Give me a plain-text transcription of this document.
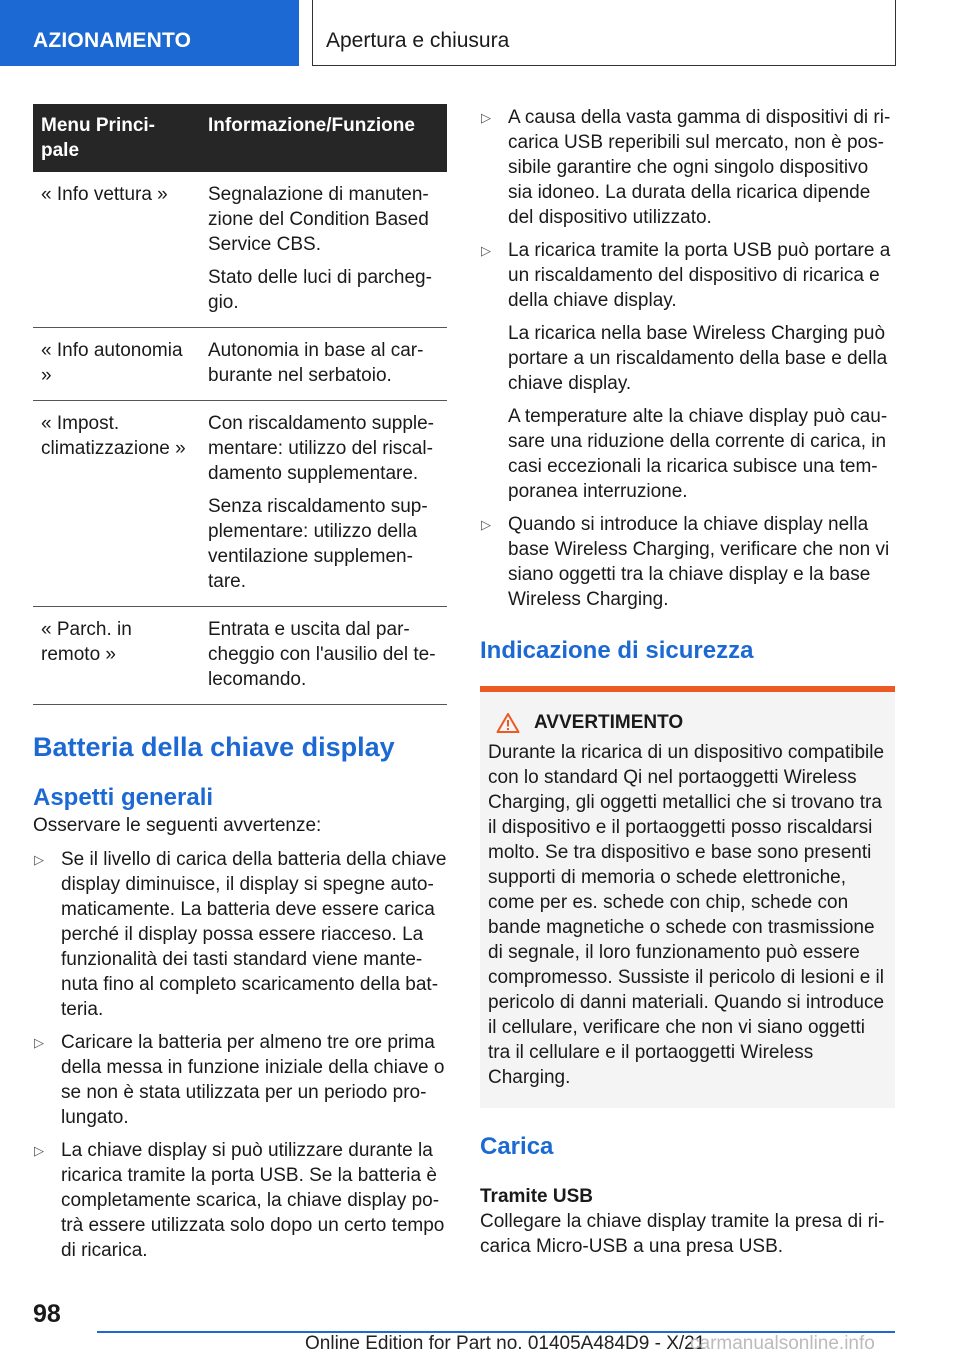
AZIONAMENTO	Apertura e chiusura
Menu Princi-pale	Informazione/Funzione
« Info vettura »	Segnalazione di manuten-zione del Condition Based Service CBS.

Stato delle luci di parcheg-gio.

« Info autonomia »	Autonomia in base al car-burante nel serbatoio.

« Impost. climatizzazione »	Con riscaldamento supple-mentare: utilizzo del riscal-damento supplementare.

Senza riscaldamento sup-plementare: utilizzo della ventilazione supplemen-tare.

« Parch. in remoto »	Entrata e uscita dal par-cheggio con l'ausilio del te-lecomando.

Batteria della chiave display
Aspetti generali

Osservare le seguenti avvertenze:

▷ Se il livello di carica della batteria della chiave display diminuisce, il display si spegne auto-maticamente. La batteria deve essere carica perché il display possa essere riacceso. La funzionalità dei tasti standard viene mante-nuta fino al completo scaricamento della bat-teria.

▷ Caricare la batteria per almeno tre ore prima della messa in funzione iniziale della chiave o se non è stata utilizzata per un periodo pro-lungato.

▷ La chiave display si può utilizzare durante la ricarica tramite la porta USB. Se la batteria è completamente scarica, la chiave display po-trà essere utilizzata solo dopo un certo tempo di ricarica.

▷ A causa della vasta gamma di dispositivi di ri-carica USB reperibili sul mercato, non è pos-sibile garantire che ogni singolo dispositivo sia idoneo. La durata della ricarica dipende del dispositivo utilizzato.

▷ La ricarica tramite la porta USB può portare a un riscaldamento del dispositivo di ricarica e della chiave display.

La ricarica nella base Wireless Charging può portare a un riscaldamento della base e della chiave display.

A temperature alte la chiave display può cau-sare una riduzione della corrente di carica, in casi eccezionali la ricarica subisce una tem-poranea interruzione.

▷ Quando si introduce la chiave display nella base Wireless Charging, verificare che non vi siano oggetti tra la chiave display e la base Wireless Charging.

Indicazione di sicurezza
AVVERTIMENTO

Durante la ricarica di un dispositivo compatibile con lo standard Qi nel portaoggetti Wireless Charging, gli oggetti metallici che si trovano tra il dispositivo e il portaoggetti posso riscaldarsi molto. Se tra dispositivo e base sono presenti supporti di memoria o schede elettroniche, come per es. schede con chip, schede con bande magnetiche o schede con trasmissione di segnale, il loro funzionamento può essere compromesso. Sussiste il pericolo di lesioni e il pericolo di danni materiali. Quando si introduce il cellulare, verificare che non vi siano oggetti tra il cellulare e il portaoggetti Wireless Charging.

Carica
Tramite USB

Collegare la chiave display tramite la presa di ri-carica Micro-USB a una presa USB.

98
Online Edition for Part no. 01405A484D9 - X/21
carmanualsonline.info
